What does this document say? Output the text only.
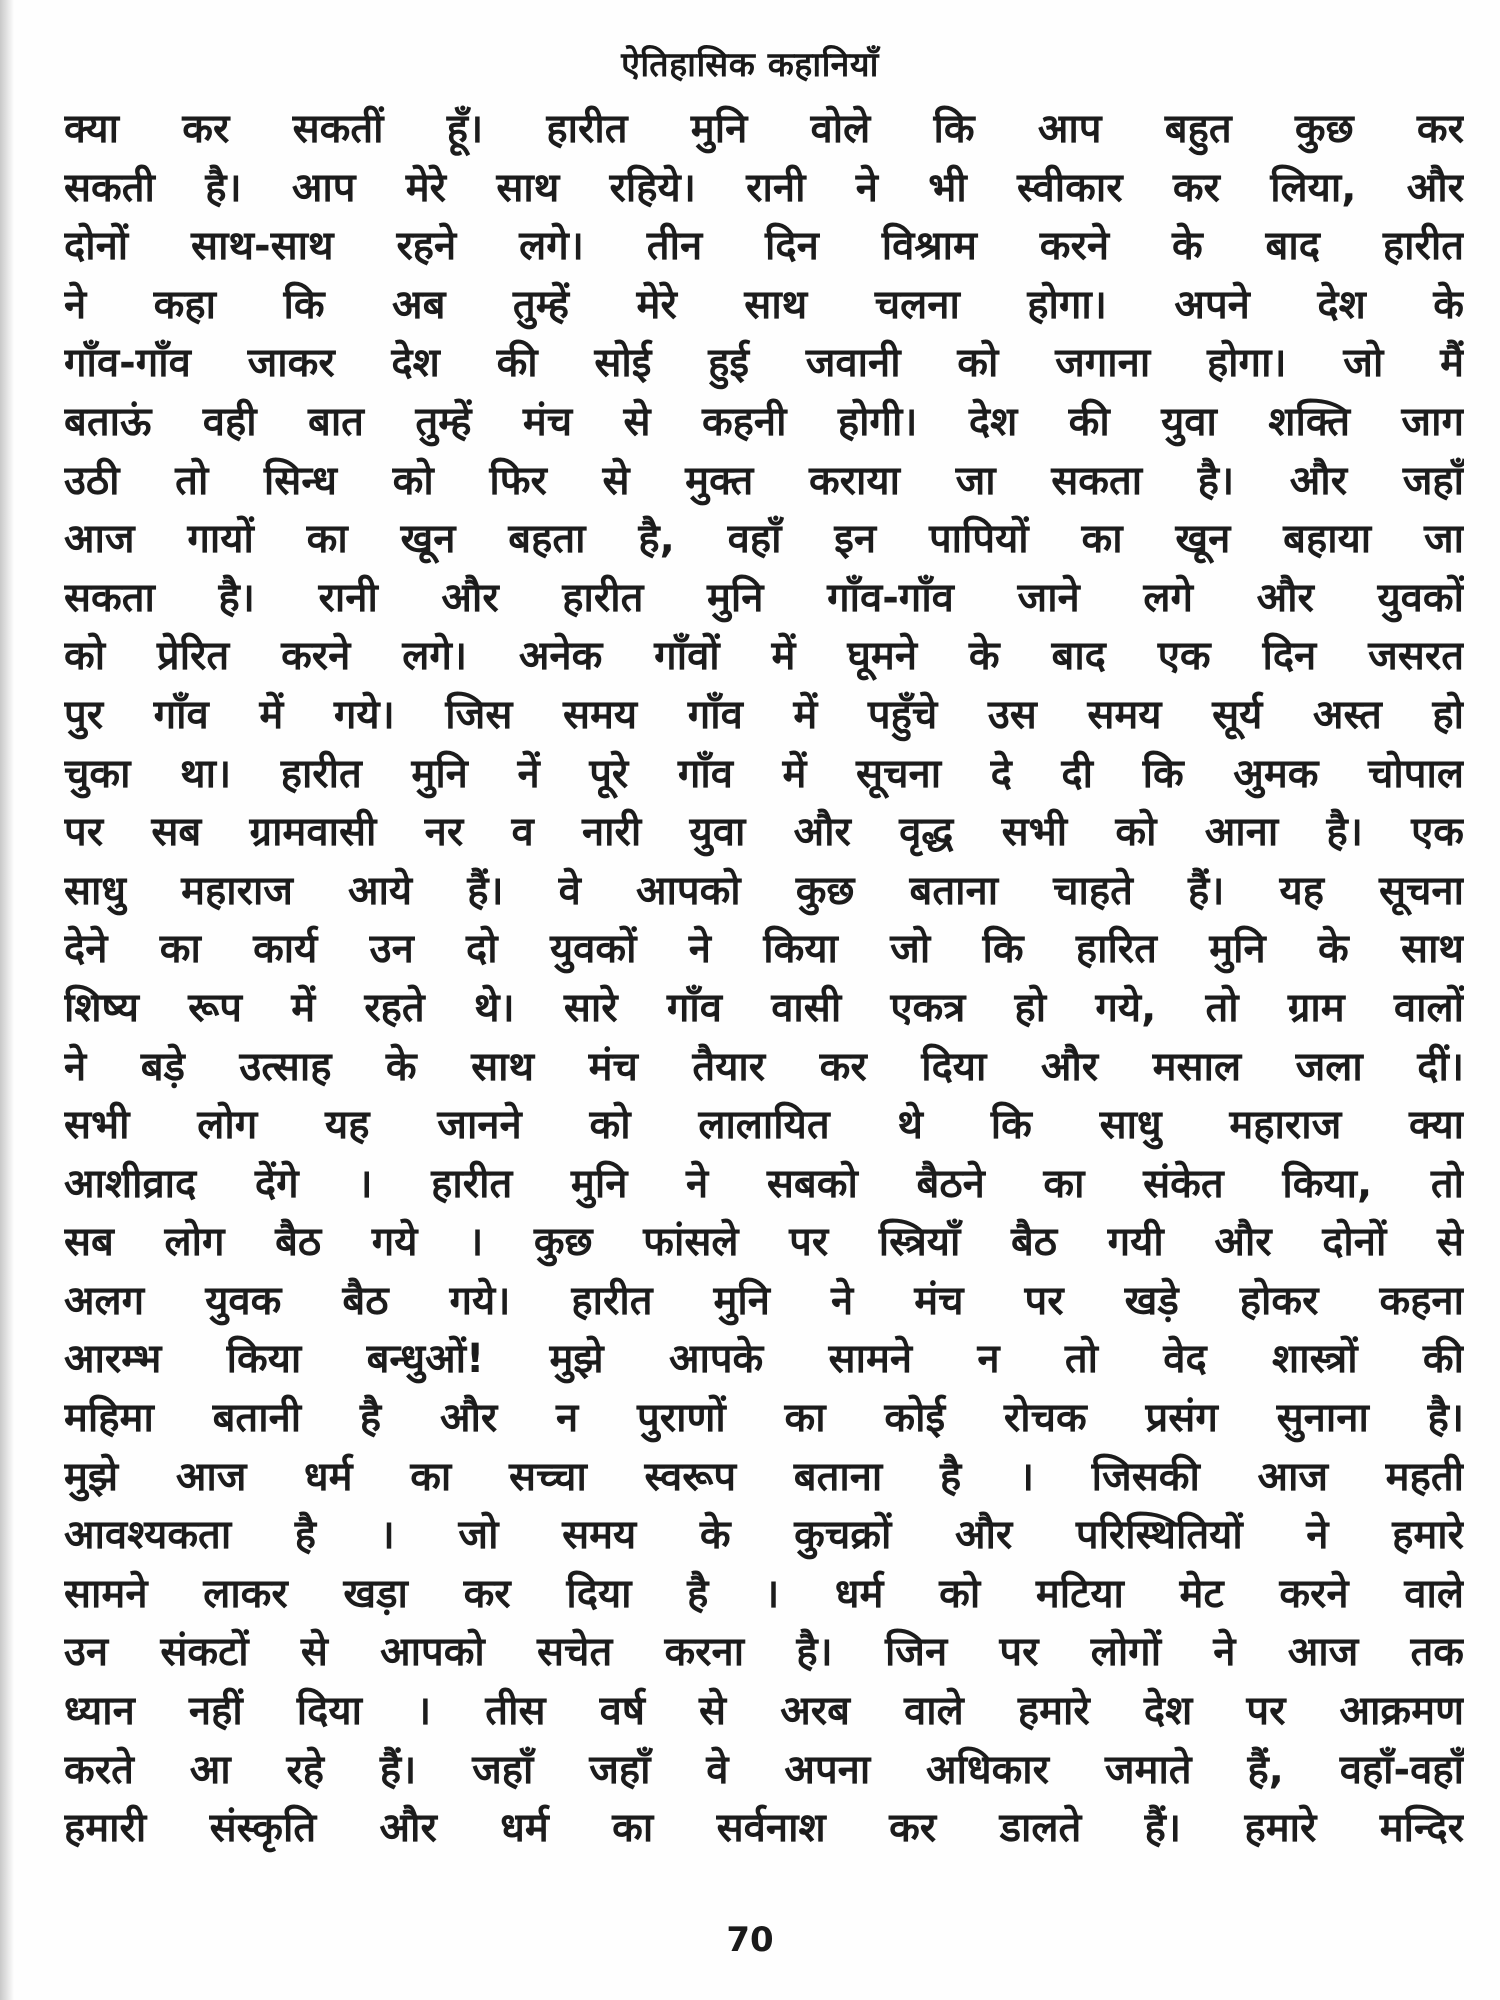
ऐतिहासिक कहानियाँ
क्या कर सकतीं हूँ। हारीत मुनि वोले कि आप बहुत कुछ कर
सकती है। आप मेरे साथ रहिये। रानी ने भी स्वीकार कर लिया, और
दोनों साथ-साथ रहने लगे। तीन दिन विश्राम करने के बाद हारीत
ने कहा कि अब तुम्हें मेरे साथ चलना होगा। अपने देश के
गाँव-गाँव जाकर देश की सोई हुई जवानी को जगाना होगा। जो मैं
बताऊं वही बात तुम्हें मंच से कहनी होगी। देश की युवा शक्ति जाग
उठी तो सिन्ध को फिर से मुक्त कराया जा सकता है। और जहाँ
आज गायों का खून बहता है, वहाँ इन पापियों का खून बहाया जा
सकता है। रानी और हारीत मुनि गाँव-गाँव जाने लगे और युवकों
को प्रेरित करने लगे। अनेक गाँवों में घूमने के बाद एक दिन जसरत
पुर गाँव में गये। जिस समय गाँव में पहुँचे उस समय सूर्य अस्त हो
चुका था। हारीत मुनि नें पूरे गाँव में सूचना दे दी कि अुमक चोपाल
पर सब ग्रामवासी नर व नारी युवा और वृद्ध सभी को आना है। एक
साधु महाराज आये हैं। वे आपको कुछ बताना चाहते हैं। यह सूचना
देने का कार्य उन दो युवकों ने किया जो कि हारित मुनि के साथ
शिष्य रूप में रहते थे। सारे गाँव वासी एकत्र हो गये, तो ग्राम वालों
ने बड़े उत्साह के साथ मंच तैयार कर दिया और मसाल जला दीं।
सभी लोग यह जानने को लालायित थे कि साधु महाराज क्या
आशीव्राद देंगे । हारीत मुनि ने सबको बैठने का संकेत किया, तो
सब लोग बैठ गये । कुछ फांसले पर स्त्रियाँ बैठ गयी और दोनों से
अलग युवक बैठ गये। हारीत मुनि ने मंच पर खड़े होकर कहना
आरम्भ किया बन्धुओं! मुझे आपके सामने न तो वेद शास्त्रों की
महिमा बतानी है और न पुराणों का कोई रोचक प्रसंग सुनाना है।
मुझे आज धर्म का सच्चा स्वरूप बताना है । जिसकी आज महती
आवश्यकता है । जो समय के कुचक्रों और परिस्थितियों ने हमारे
सामने लाकर खड़ा कर दिया है । धर्म को मटिया मेट करने वाले
उन संकटों से आपको सचेत करना है। जिन पर लोगों ने आज तक
ध्यान नहीं दिया । तीस वर्ष से अरब वाले हमारे देश पर आक्रमण
करते आ रहे हैं। जहाँ जहाँ वे अपना अधिकार जमाते हैं, वहाँ-वहाँ
हमारी संस्कृति और धर्म का सर्वनाश कर डालते हैं। हमारे मन्दिर
70
